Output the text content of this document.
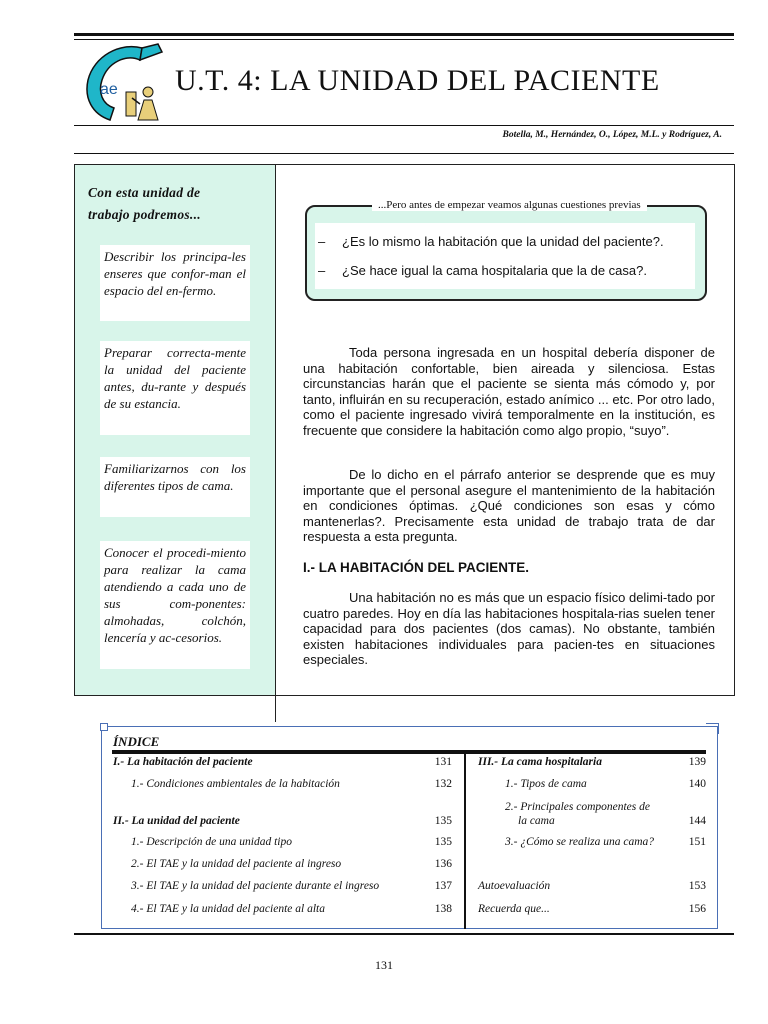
ae U.T. 4: LA UNIDAD DEL PACIENTE
Botella, M., Hernández, O., López, M.L. y Rodríguez, A.
Con esta unidad de
trabajo podremos...
Describir los principa-les enseres que confor-man el espacio del en-fermo.
Preparar correcta-mente la unidad del paciente antes, du-rante y después de su estancia.
Familiarizarnos con los diferentes tipos de cama.
Conocer el procedi-miento para realizar la cama atendiendo a cada uno de sus com-ponentes: almohadas, colchón, lencería y ac-cesorios.
...Pero antes de empezar veamos algunas cuestiones previas
– ¿Es lo mismo la habitación que la unidad del paciente?.
– ¿Se hace igual la cama hospitalaria que la de casa?.
Toda persona ingresada en un hospital debería disponer de una habitación confortable, bien aireada y silenciosa. Estas circunstancias harán que el paciente se sienta más cómodo y, por tanto, influirán en su recuperación, estado anímico ... etc. Por otro lado, como el paciente ingresado vivirá temporalmente en la institución, es frecuente que considere la habitación como algo propio, “suyo”.
De lo dicho en el párrafo anterior se desprende que es muy importante que el personal asegure el mantenimiento de la habitación en condiciones óptimas. ¿Qué condiciones son esas y cómo mantenerlas?. Precisamente esta unidad de trabajo trata de dar respuesta a esta pregunta.
I.- LA HABITACIÓN DEL PACIENTE.
Una habitación no es más que un espacio físico delimi-tado por cuatro paredes. Hoy en día las habitaciones hospitala-rias suelen tener capacidad para dos pacientes (dos camas). No obstante, también existen habitaciones individuales para pacien-tes en situaciones especiales.
ÍNDICE
I.- La habitación del paciente	131
1.- Condiciones ambientales de la habitación	132
II.- La unidad del paciente	135
1.- Descripción de una unidad tipo	135
2.- El TAE y la unidad del paciente al ingreso	136
3.- El TAE y la unidad del paciente durante el ingreso	137
4.- El TAE y la unidad del paciente al alta	138
III.- La cama hospitalaria	139
1.- Tipos de cama	140
2.- Principales componentes de
la cama	144
3.- ¿Cómo se realiza una cama?	151
Autoevaluación	153
Recuerda que...	156
131
